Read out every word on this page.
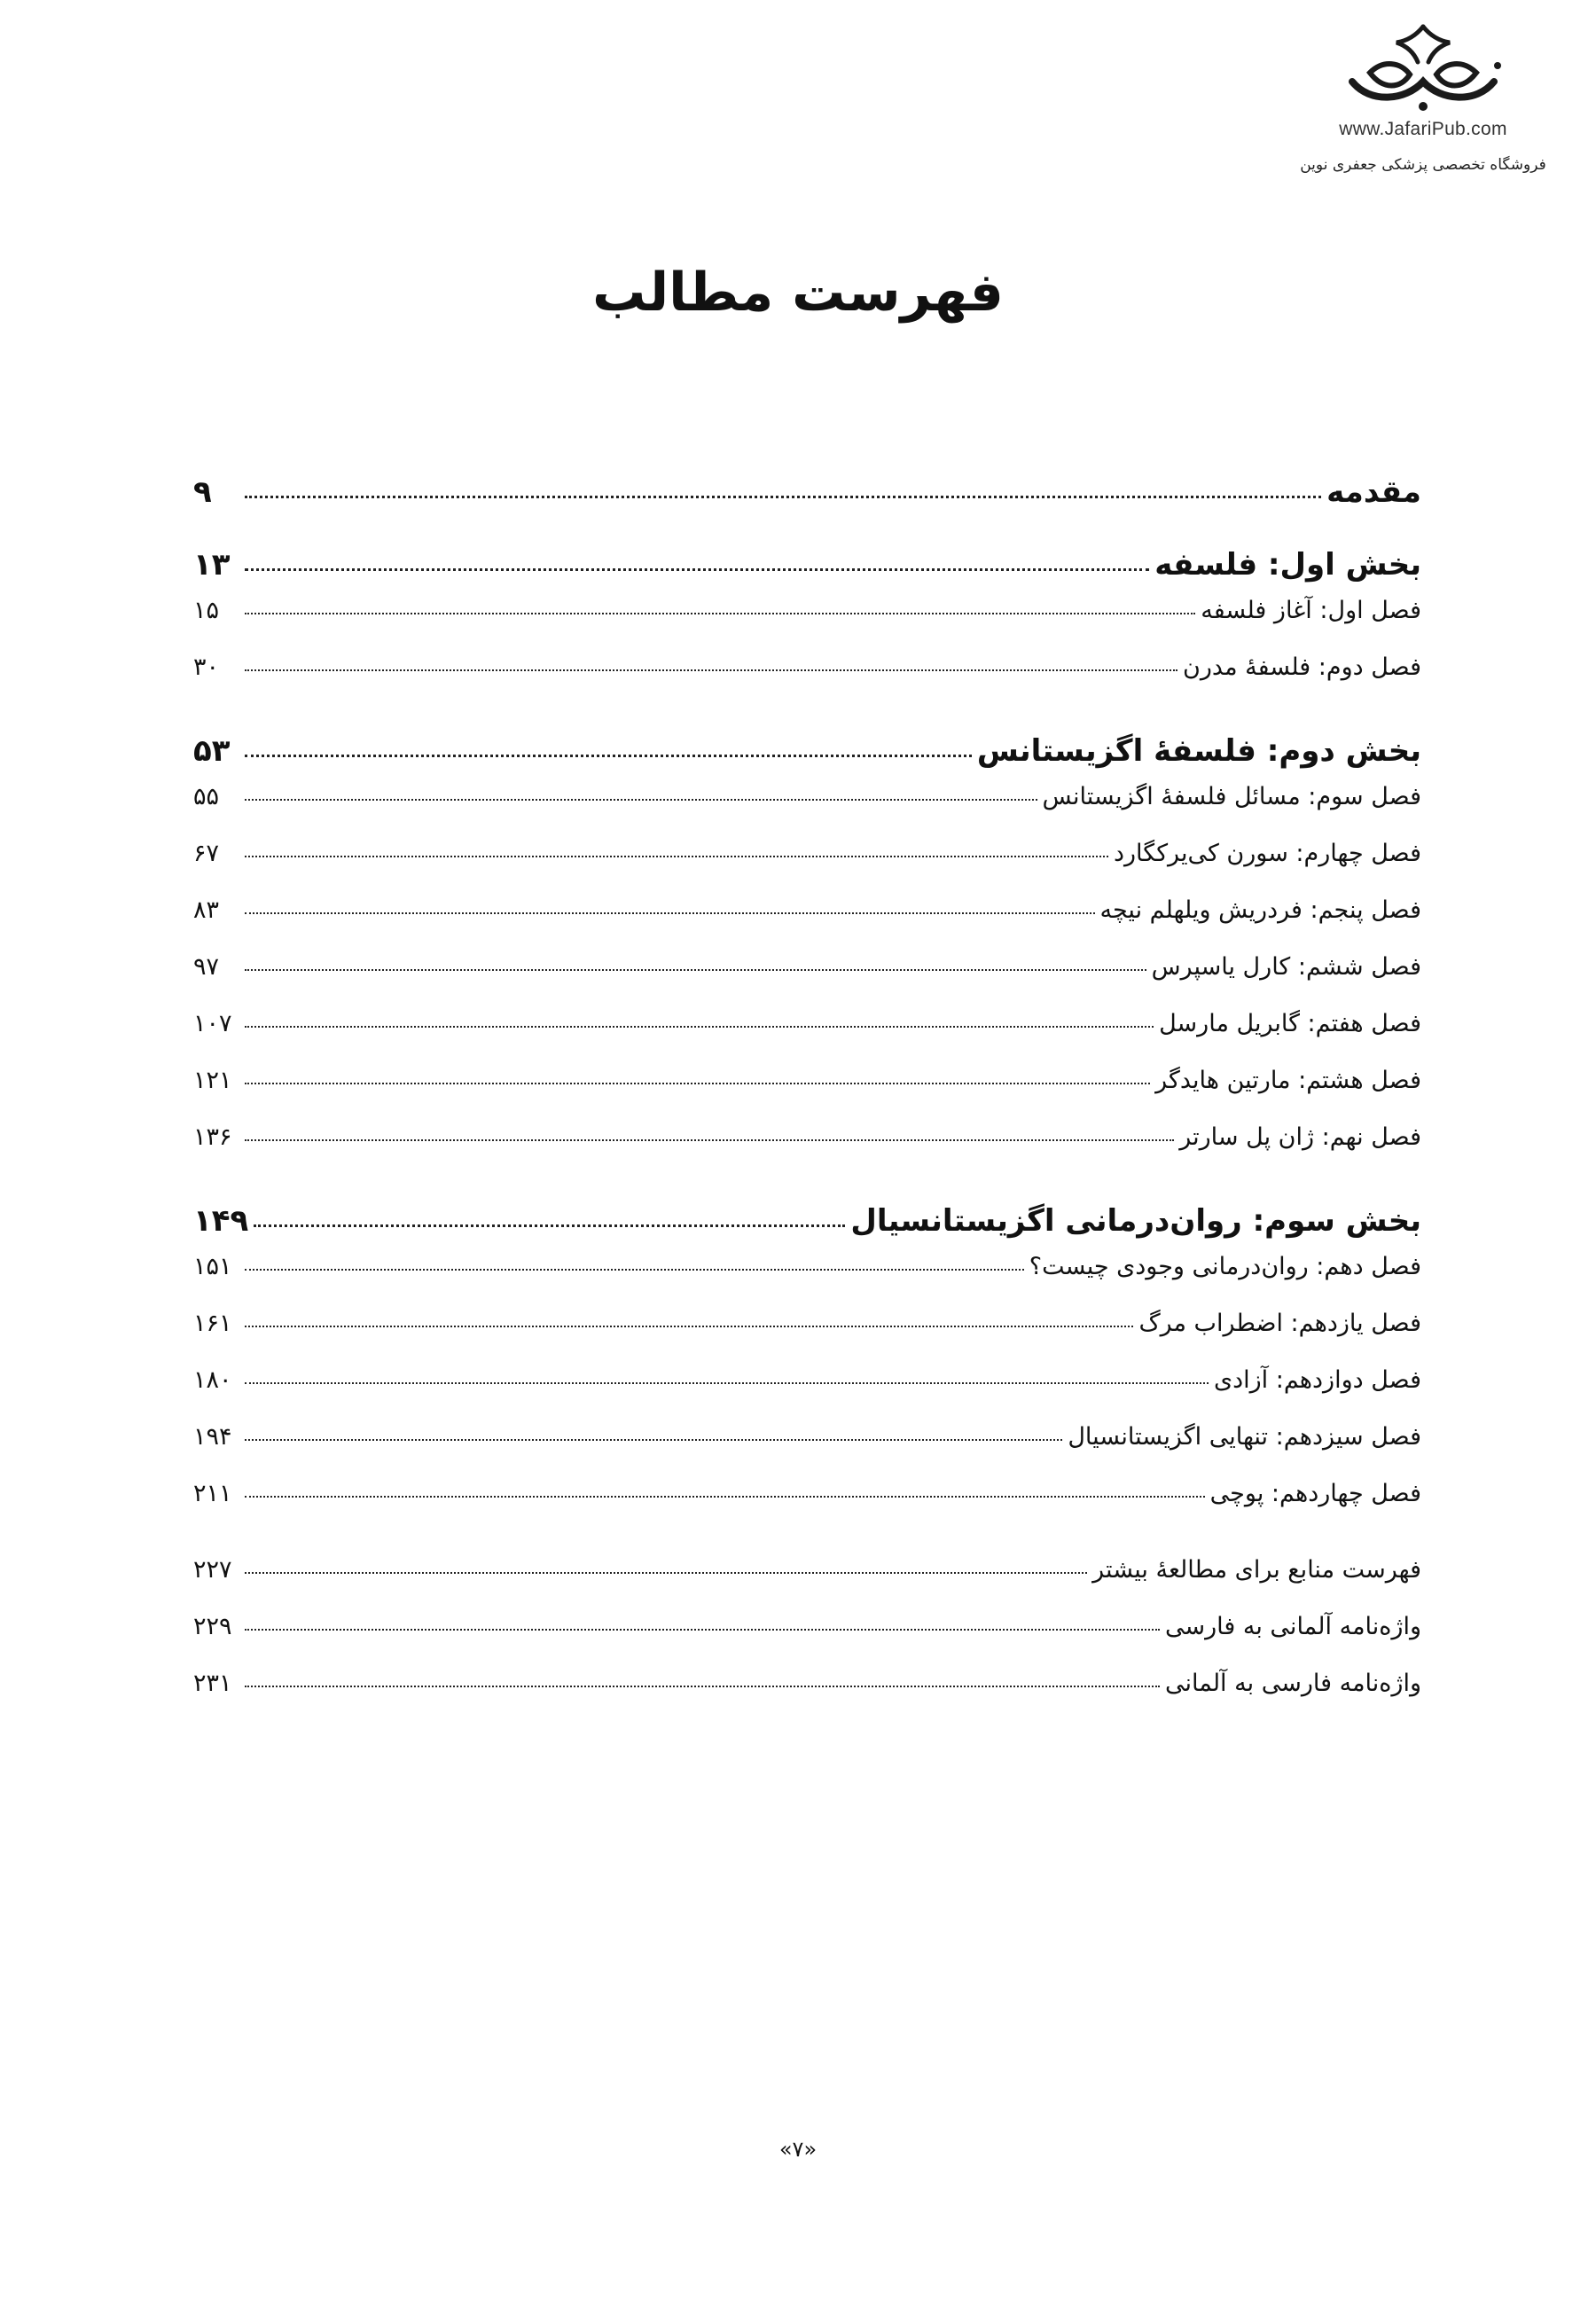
www.JafariPub.com
فروشگاه تخصصی پزشکی جعفری نوین
فهرست مطالب
مقدمه
۹
بخش اول: فلسفه
۱۳
فصل اول: آغاز فلسفه
۱۵
فصل دوم: فلسفۀ مدرن
۳۰
بخش دوم: فلسفۀ اگزیستانس
۵۳
فصل سوم: مسائل فلسفۀ اگزیستانس
۵۵
فصل چهارم: سورن کی‌یرکگارد
۶۷
فصل پنجم: فردریش ویلهلم نیچه
۸۳
فصل ششم: کارل یاسپرس
۹۷
فصل هفتم: گابریل مارسل
۱۰۷
فصل هشتم: مارتین هایدگر
۱۲۱
فصل نهم: ژان پل سارتر
۱۳۶
بخش سوم: روان‌درمانی اگزیستانسیال
۱۴۹
فصل دهم: روان‌درمانی وجودی چیست؟
۱۵۱
فصل یازدهم: اضطراب مرگ
۱۶۱
فصل دوازدهم: آزادی
۱۸۰
فصل سیزدهم: تنهایی اگزیستانسیال
۱۹۴
فصل چهاردهم: پوچی
۲۱۱
فهرست منابع برای مطالعۀ بیشتر
۲۲۷
واژه‌نامه آلمانی به فارسی
۲۲۹
واژه‌نامه فارسی به آلمانی
۲۳۱
«۷»
